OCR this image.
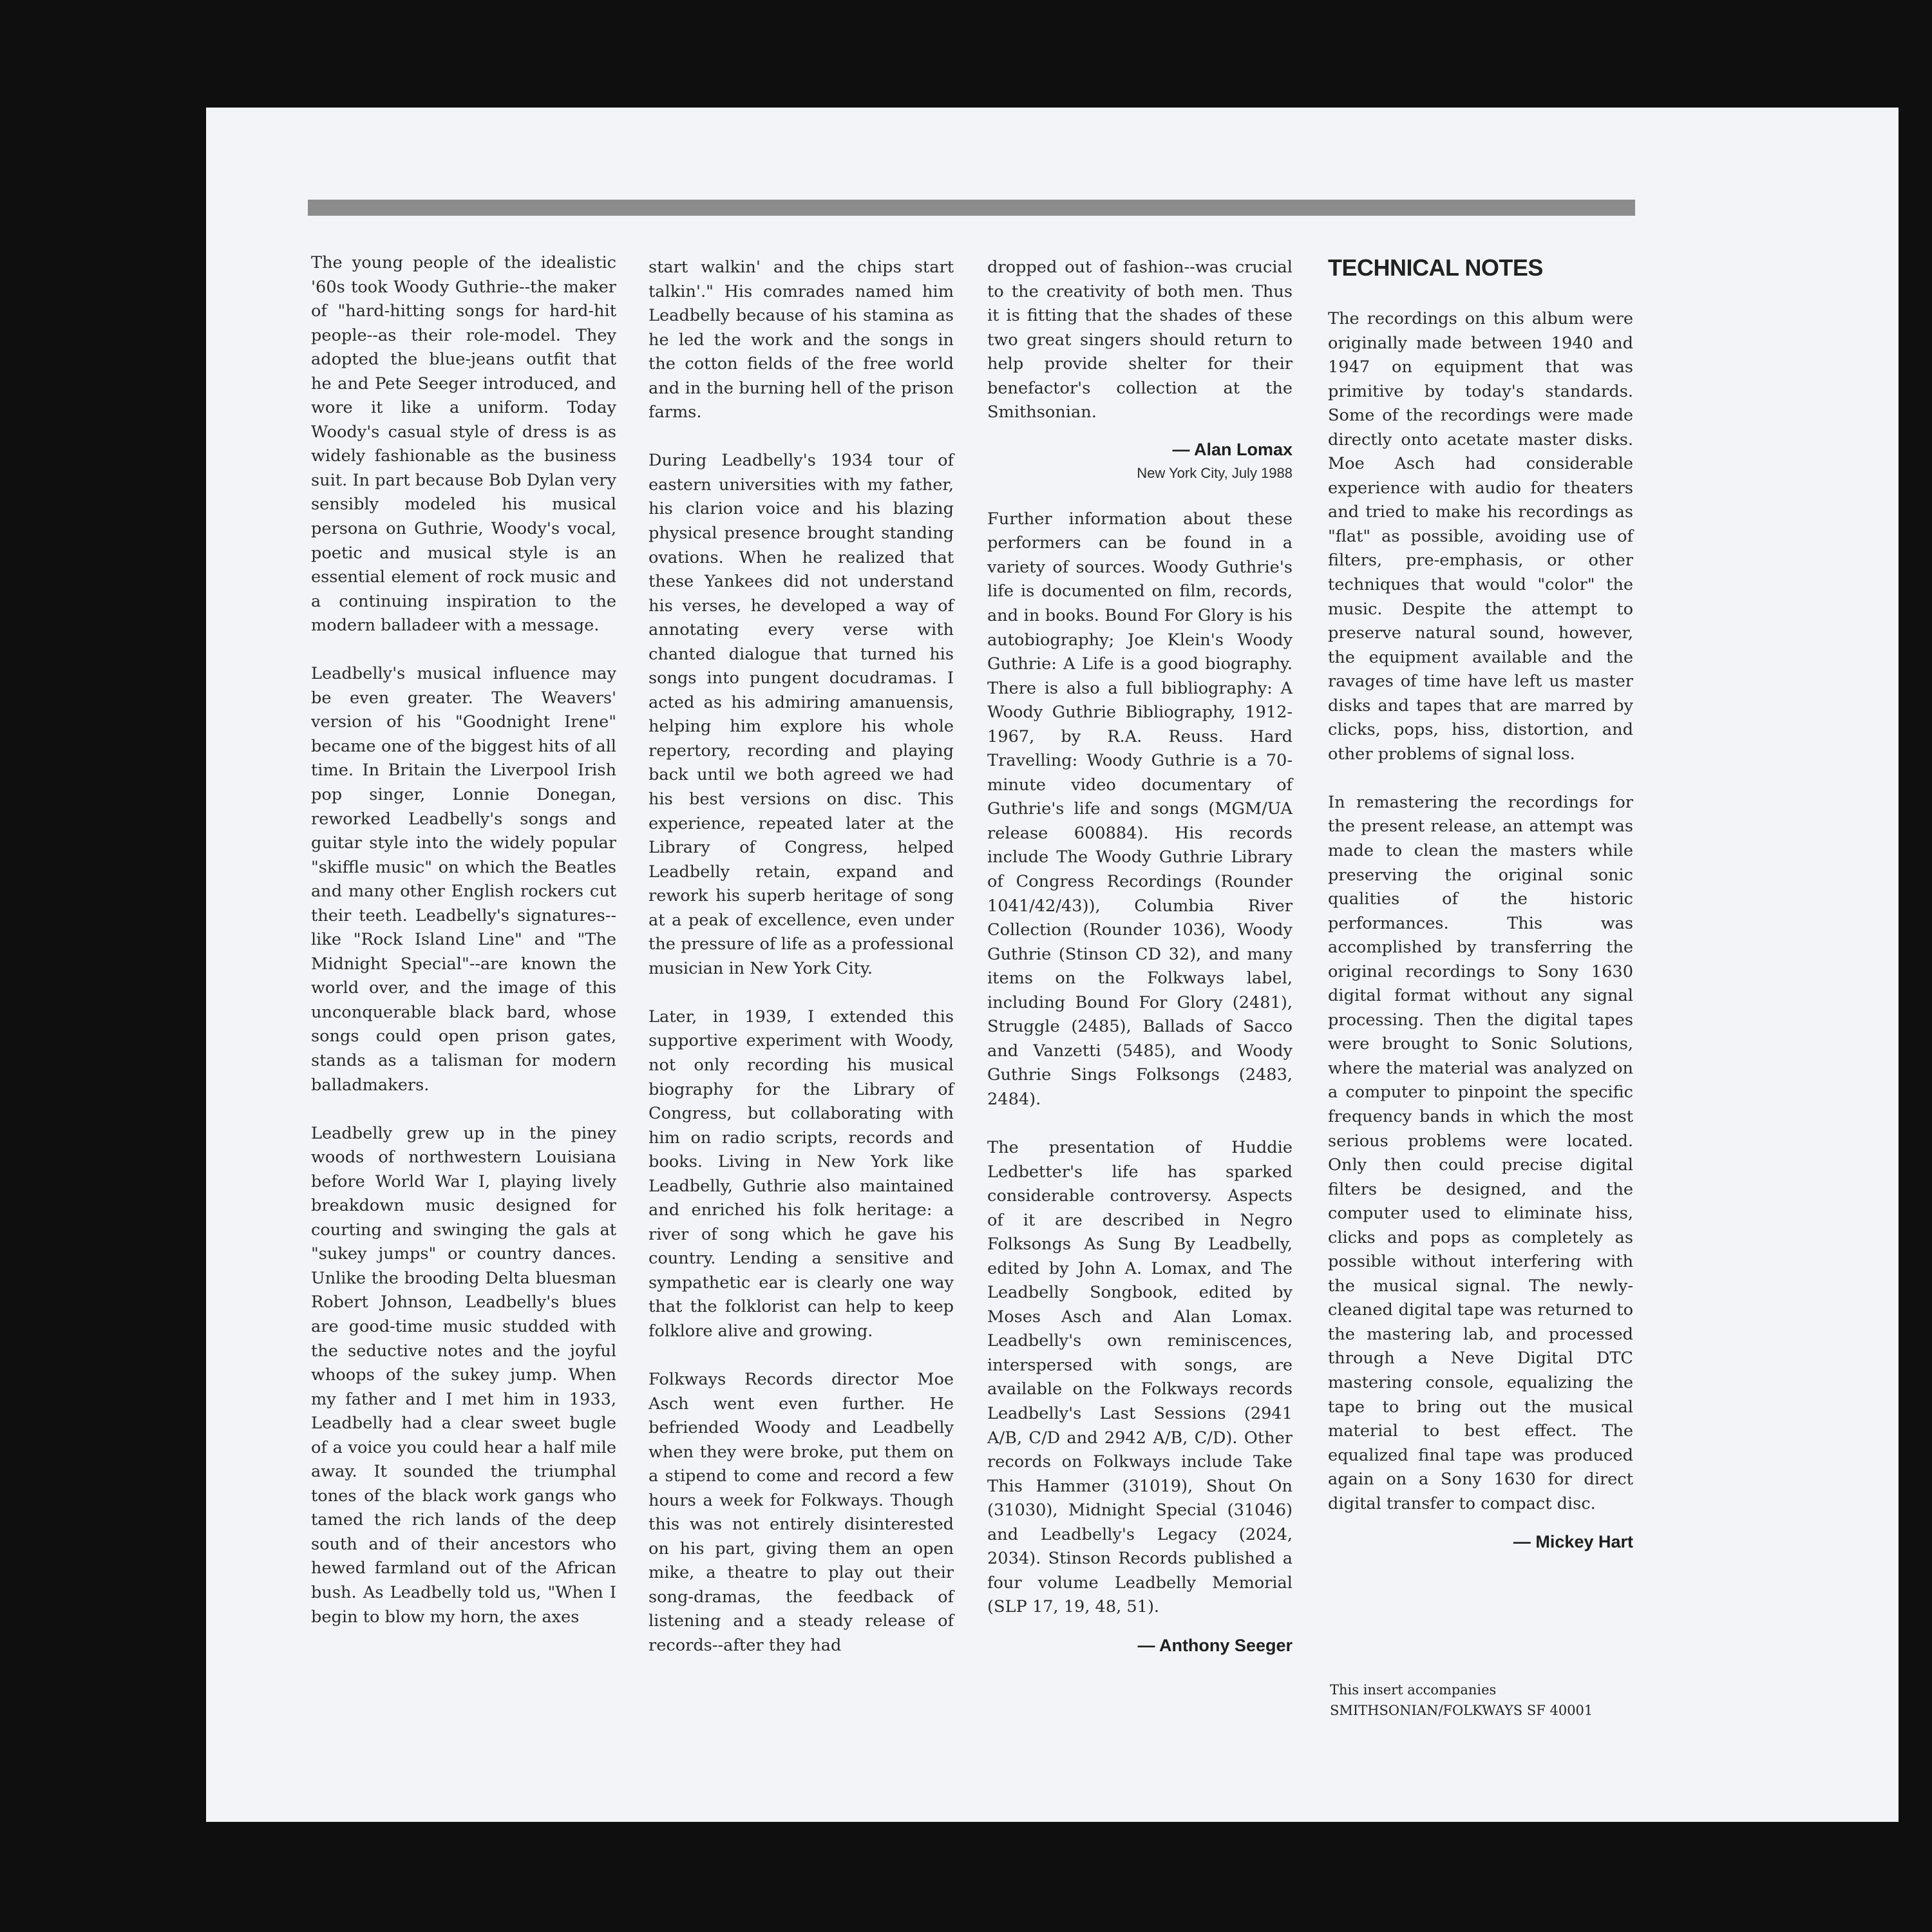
The young people of the idealistic '60s took Woody Guthrie--the maker of "hard-hitting songs for hard-hit people--as their role-model. They adopted the blue-jeans outfit that he and Pete Seeger introduced, and wore it like a uniform. Today Woody's casual style of dress is as widely fashionable as the business suit. In part because Bob Dylan very sensibly modeled his musical persona on Guthrie, Woody's vocal, poetic and musical style is an essential element of rock music and a continuing inspiration to the modern balladeer with a message.

Leadbelly's musical influence may be even greater. The Weavers' version of his "Goodnight Irene" became one of the biggest hits of all time. In Britain the Liverpool Irish pop singer, Lonnie Donegan, reworked Leadbelly's songs and guitar style into the widely popular "skiffle music" on which the Beatles and many other English rockers cut their teeth. Leadbelly's signatures--like "Rock Island Line" and "The Midnight Special"--are known the world over, and the image of this unconquerable black bard, whose songs could open prison gates, stands as a talisman for modern balladmakers.

Leadbelly grew up in the piney woods of northwestern Louisiana before World War I, playing lively breakdown music designed for courting and swinging the gals at "sukey jumps" or country dances. Unlike the brooding Delta bluesman Robert Johnson, Leadbelly's blues are good-time music studded with the seductive notes and the joyful whoops of the sukey jump. When my father and I met him in 1933, Leadbelly had a clear sweet bugle of a voice you could hear a half mile away. It sounded the triumphal tones of the black work gangs who tamed the rich lands of the deep south and of their ancestors who hewed farmland out of the African bush. As Leadbelly told us, "When I begin to blow my horn, the axes

start walkin' and the chips start talkin'." His comrades named him Leadbelly because of his stamina as he led the work and the songs in the cotton fields of the free world and in the burning hell of the prison farms.

During Leadbelly's 1934 tour of eastern universities with my father, his clarion voice and his blazing physical presence brought standing ovations. When he realized that these Yankees did not understand his verses, he developed a way of annotating every verse with chanted dialogue that turned his songs into pungent docudramas. I acted as his admiring amanuensis, helping him explore his whole repertory, recording and playing back until we both agreed we had his best versions on disc. This experience, repeated later at the Library of Congress, helped Leadbelly retain, expand and rework his superb heritage of song at a peak of excellence, even under the pressure of life as a professional musician in New York City.

Later, in 1939, I extended this supportive experiment with Woody, not only recording his musical biography for the Library of Congress, but collaborating with him on radio scripts, records and books. Living in New York like Leadbelly, Guthrie also maintained and enriched his folk heritage: a river of song which he gave his country. Lending a sensitive and sympathetic ear is clearly one way that the folklorist can help to keep folklore alive and growing.

Folkways Records director Moe Asch went even further. He befriended Woody and Leadbelly when they were broke, put them on a stipend to come and record a few hours a week for Folkways. Though this was not entirely disinterested on his part, giving them an open mike, a theatre to play out their song-dramas, the feedback of listening and a steady release of records--after they had

dropped out of fashion--was crucial to the creativity of both men. Thus it is fitting that the shades of these two great singers should return to help provide shelter for their benefactor's collection at the Smithsonian.

— Alan Lomax
New York City, July 1988

Further information about these performers can be found in a variety of sources. Woody Guthrie's life is documented on film, records, and in books. Bound For Glory is his autobiography; Joe Klein's Woody Guthrie: A Life is a good biography. There is also a full bibliography: A Woody Guthrie Bibliography, 1912-1967, by R.A. Reuss. Hard Travelling: Woody Guthrie is a 70-minute video documentary of Guthrie's life and songs (MGM/UA release 600884). His records include The Woody Guthrie Library of Congress Recordings (Rounder 1041/42/43)), Columbia River Collection (Rounder 1036), Woody Guthrie (Stinson CD 32), and many items on the Folkways label, including Bound For Glory (2481), Struggle (2485), Ballads of Sacco and Vanzetti (5485), and Woody Guthrie Sings Folksongs (2483, 2484).

The presentation of Huddie Ledbetter's life has sparked considerable controversy. Aspects of it are described in Negro Folksongs As Sung By Leadbelly, edited by John A. Lomax, and The Leadbelly Songbook, edited by Moses Asch and Alan Lomax. Leadbelly's own reminiscences, interspersed with songs, are available on the Folkways records Leadbelly's Last Sessions (2941 A/B, C/D and 2942 A/B, C/D). Other records on Folkways include Take This Hammer (31019), Shout On (31030), Midnight Special (31046) and Leadbelly's Legacy (2024, 2034). Stinson Records published a four volume Leadbelly Memorial (SLP 17, 19, 48, 51).

— Anthony Seeger
TECHNICAL NOTES

The recordings on this album were originally made between 1940 and 1947 on equipment that was primitive by today's standards. Some of the recordings were made directly onto acetate master disks. Moe Asch had considerable experience with audio for theaters and tried to make his recordings as "flat" as possible, avoiding use of filters, pre-emphasis, or other techniques that would "color" the music. Despite the attempt to preserve natural sound, however, the equipment available and the ravages of time have left us master disks and tapes that are marred by clicks, pops, hiss, distortion, and other problems of signal loss.

In remastering the recordings for the present release, an attempt was made to clean the masters while preserving the original sonic qualities of the historic performances. This was accomplished by transferring the original recordings to Sony 1630 digital format without any signal processing. Then the digital tapes were brought to Sonic Solutions, where the material was analyzed on a computer to pinpoint the specific frequency bands in which the most serious problems were located. Only then could precise digital filters be designed, and the computer used to eliminate hiss, clicks and pops as completely as possible without interfering with the musical signal. The newly-cleaned digital tape was returned to the mastering lab, and processed through a Neve Digital DTC mastering console, equalizing the tape to bring out the musical material to best effect. The equalized final tape was produced again on a Sony 1630 for direct digital transfer to compact disc.

— Mickey Hart
This insert accompanies
SMITHSONIAN/FOLKWAYS SF 40001
